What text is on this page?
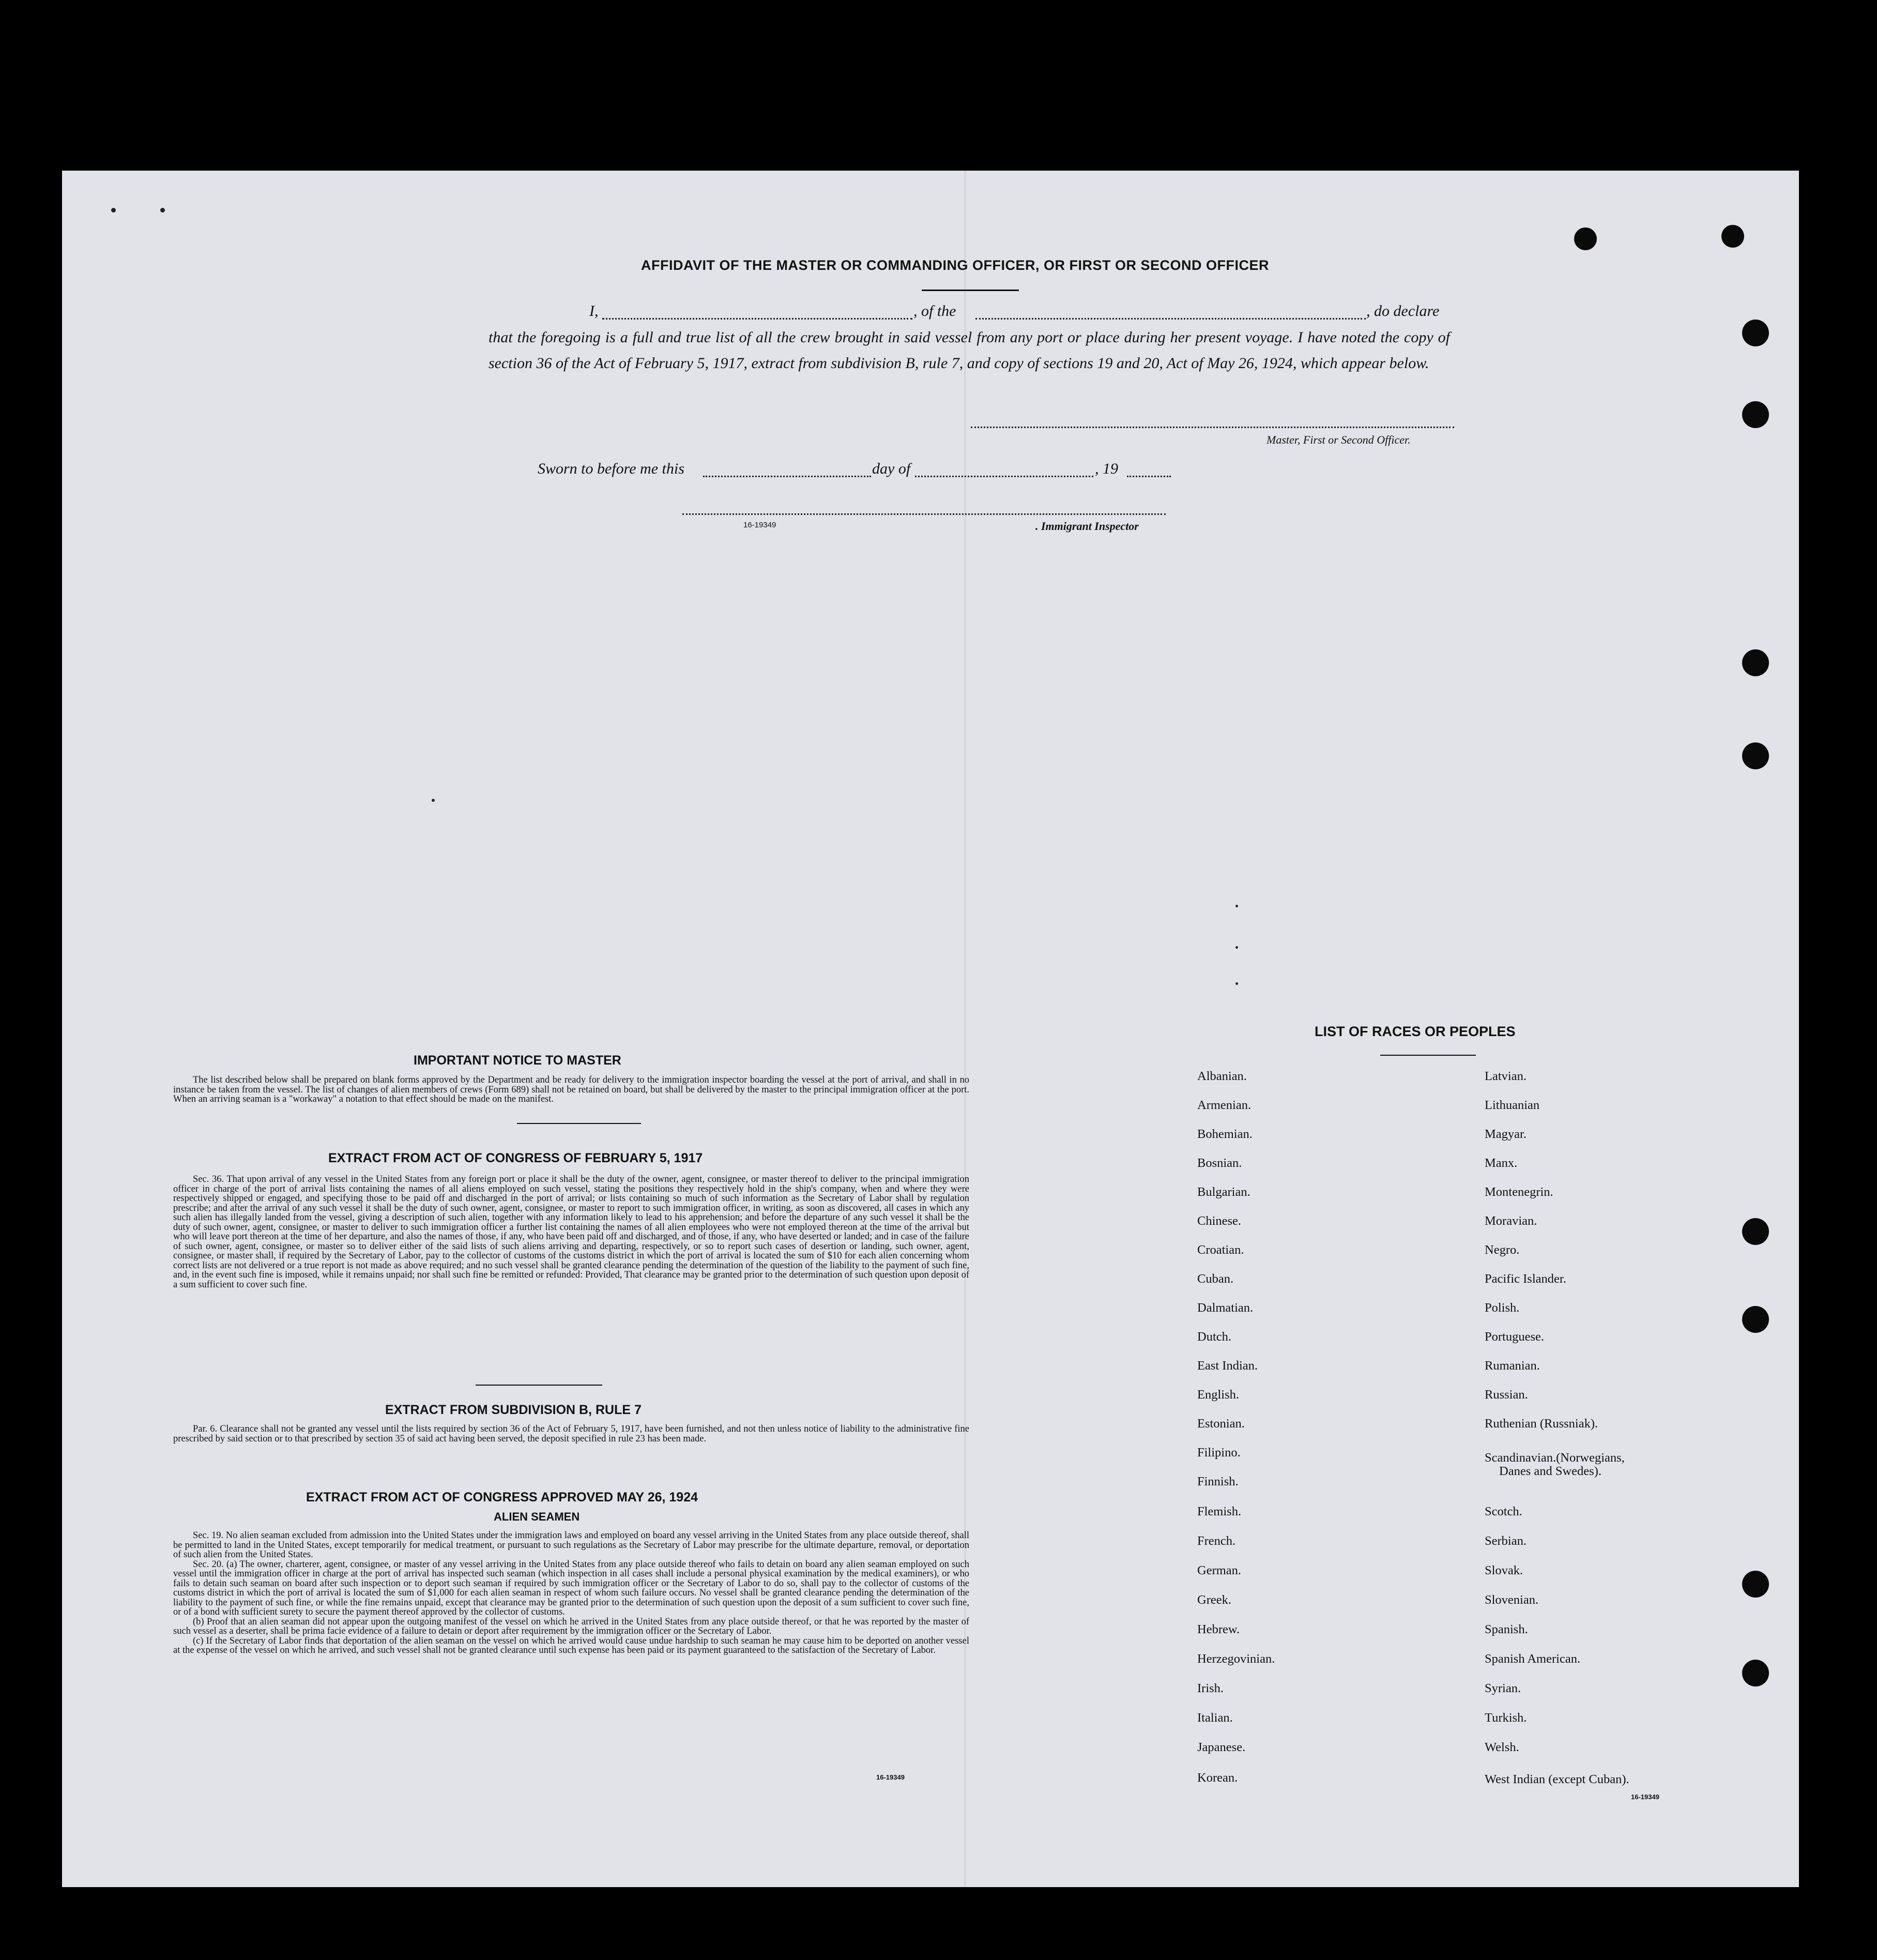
AFFIDAVIT OF THE MASTER OR COMMANDING OFFICER, OR FIRST OR SECOND OFFICER
I,	, of the	, do declare
that the foregoing is a full and true list of all the crew brought in said vessel from any port or place during her present voyage. I have noted the copy of section 36 of the Act of February 5, 1917, extract from subdivision B, rule 7, and copy of sections 19 and 20, Act of May 26, 1924, which appear below.
Master, First or Second Officer.
Sworn to before me this	day of	, 19
16-19349	. Immigrant Inspector
IMPORTANT NOTICE TO MASTER

The list described below shall be prepared on blank forms approved by the Department and be ready for delivery to the immigration inspector boarding the vessel at the port of arrival, and shall in no instance be taken from the vessel. The list of changes of alien members of crews (Form 689) shall not be retained on board, but shall be delivered by the master to the principal immigration officer at the port. When an arriving seaman is a "workaway" a notation to that effect should be made on the manifest.

EXTRACT FROM ACT OF CONGRESS OF FEBRUARY 5, 1917

Sec. 36. That upon arrival of any vessel in the United States from any foreign port or place it shall be the duty of the owner, agent, consignee, or master thereof to deliver to the principal immigration officer in charge of the port of arrival lists containing the names of all aliens employed on such vessel, stating the positions they respectively hold in the ship's company, when and where they were respectively shipped or engaged, and specifying those to be paid off and discharged in the port of arrival; or lists containing so much of such information as the Secretary of Labor shall by regulation prescribe; and after the arrival of any such vessel it shall be the duty of such owner, agent, consignee, or master to report to such immigration officer, in writing, as soon as discovered, all cases in which any such alien has illegally landed from the vessel, giving a description of such alien, together with any information likely to lead to his apprehension; and before the departure of any such vessel it shall be the duty of such owner, agent, consignee, or master to deliver to such immigration officer a further list containing the names of all alien employees who were not employed thereon at the time of the arrival but who will leave port thereon at the time of her departure, and also the names of those, if any, who have been paid off and discharged, and of those, if any, who have deserted or landed; and in case of the failure of such owner, agent, consignee, or master so to deliver either of the said lists of such aliens arriving and departing, respectively, or so to report such cases of desertion or landing, such owner, agent, consignee, or master shall, if required by the Secretary of Labor, pay to the collector of customs of the customs district in which the port of arrival is located the sum of $10 for each alien concerning whom correct lists are not delivered or a true report is not made as above required; and no such vessel shall be granted clearance pending the determination of the question of the liability to the payment of such fine, and, in the event such fine is imposed, while it remains unpaid; nor shall such fine be remitted or refunded: Provided, That clearance may be granted prior to the determination of such question upon deposit of a sum sufficient to cover such fine.

EXTRACT FROM SUBDIVISION B, RULE 7

Par. 6. Clearance shall not be granted any vessel until the lists required by section 36 of the Act of February 5, 1917, have been furnished, and not then unless notice of liability to the administrative fine prescribed by said section or to that prescribed by section 35 of said act having been served, the deposit specified in rule 23 has been made.

EXTRACT FROM ACT OF CONGRESS APPROVED MAY 26, 1924
ALIEN SEAMEN

Sec. 19. No alien seaman excluded from admission into the United States under the immigration laws and employed on board any vessel arriving in the United States from any place outside thereof, shall be permitted to land in the United States, except temporarily for medical treatment, or pursuant to such regulations as the Secretary of Labor may prescribe for the ultimate departure, removal, or deportation of such alien from the United States.

Sec. 20. (a) The owner, charterer, agent, consignee, or master of any vessel arriving in the United States from any place outside thereof who fails to detain on board any alien seaman employed on such vessel until the immigration officer in charge at the port of arrival has inspected such seaman (which inspection in all cases shall include a personal physical examination by the medical examiners), or who fails to detain such seaman on board after such inspection or to deport such seaman if required by such immigration officer or the Secretary of Labor to do so, shall pay to the collector of customs of the customs district in which the port of arrival is located the sum of $1,000 for each alien seaman in respect of whom such failure occurs. No vessel shall be granted clearance pending the determination of the liability to the payment of such fine, or while the fine remains unpaid, except that clearance may be granted prior to the determination of such question upon the deposit of a sum sufficient to cover such fine, or of a bond with sufficient surety to secure the payment thereof approved by the collector of customs.

(b) Proof that an alien seaman did not appear upon the outgoing manifest of the vessel on which he arrived in the United States from any place outside thereof, or that he was reported by the master of such vessel as a deserter, shall be prima facie evidence of a failure to detain or deport after requirement by the immigration officer or the Secretary of Labor.

(c) If the Secretary of Labor finds that deportation of the alien seaman on the vessel on which he arrived would cause undue hardship to such seaman he may cause him to be deported on another vessel at the expense of the vessel on which he arrived, and such vessel shall not be granted clearance until such expense has been paid or its payment guaranteed to the satisfaction of the Secretary of Labor.

16-19349
LIST OF RACES OR PEOPLES
Albanian.
Armenian.
Bohemian.
Bosnian.
Bulgarian.
Chinese.
Croatian.
Cuban.
Dalmatian.
Dutch.
East Indian.
English.
Estonian.
Filipino.
Finnish.
Flemish.
French.
German.
Greek.
Hebrew.
Herzegovinian.
Irish.
Italian.
Japanese.
Korean.
Latvian.
Lithuanian
Magyar.
Manx.
Montenegrin.
Moravian.
Negro.
Pacific Islander.
Polish.
Portuguese.
Rumanian.
Russian.
Ruthenian (Russniak).
Scandinavian.(Norwegians,
Danes and Swedes).
Scotch.
Serbian.
Slovak.
Slovenian.
Spanish.
Spanish American.
Syrian.
Turkish.
Welsh.
West Indian (except Cuban).
16-19349
